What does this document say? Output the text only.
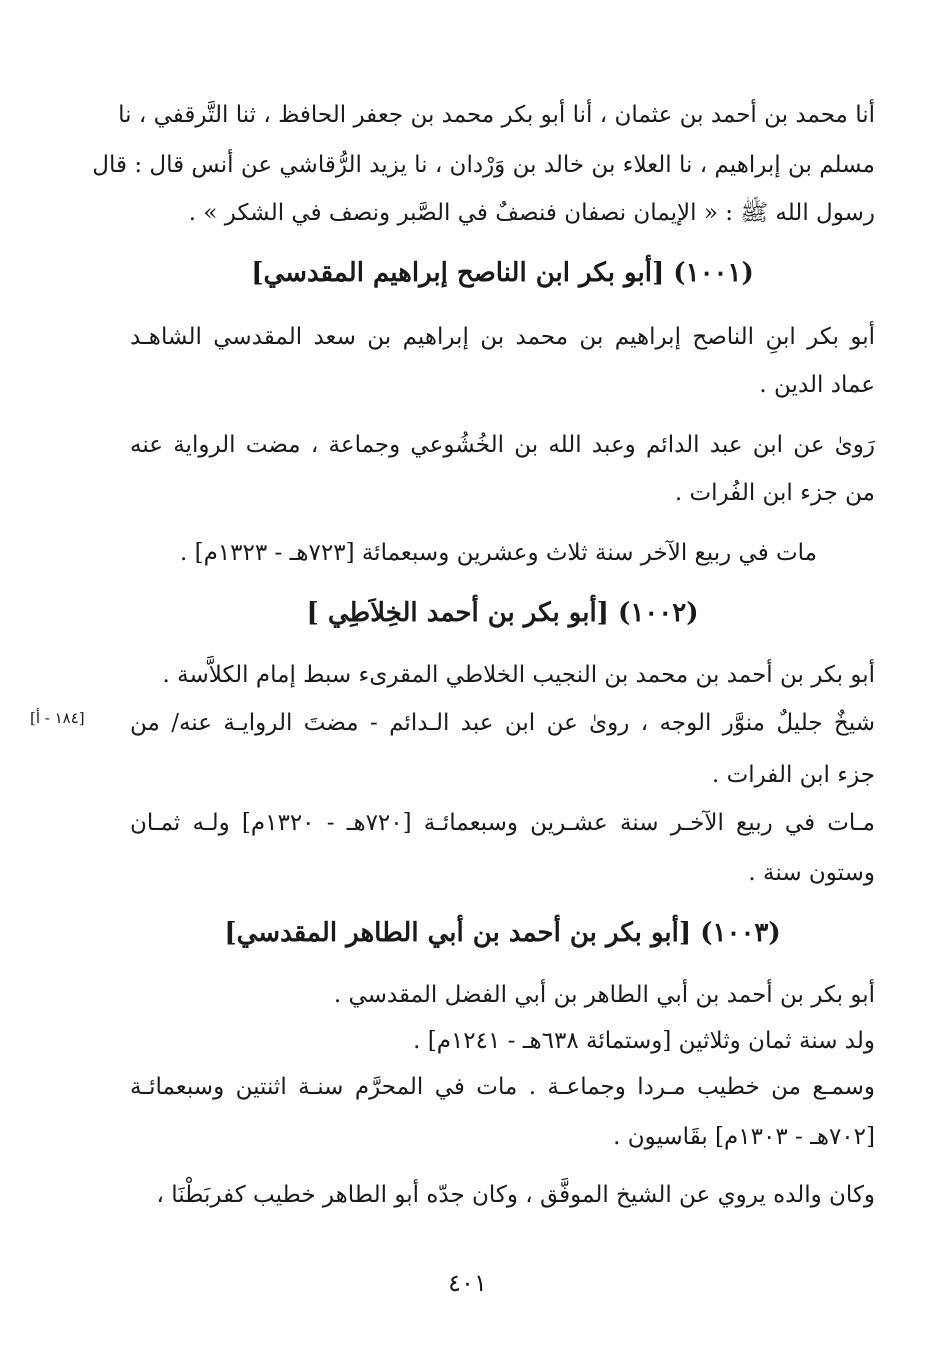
أنا محمد بن أحمد بن عثمان ، أنا أبو بكر محمد بن جعفر الحافظ ، ثنا التَّرقفي ، نا
مسلم بن إبراهيم ، نا العلاء بن خالد بن وَرْدان ، نا يزيد الرُّقاشي عن أنس قال : قال
رسول الله ﷺ : « الإيمان نصفان فنصفٌ في الصَّبر ونصف في الشكر » .
(١٠٠١) [أبو بكر ابن الناصح إبراهيم المقدسي]
أبو بكر ابنِ الناصح إبراهيم بن محمد بن إبراهيم بن سعد المقدسي الشاهـد
عماد الدين .
رَوىٰ عن ابن عبد الدائم وعبد الله بن الخُشُوعي وجماعة ، مضت الرواية عنه
من جزء ابن الفُرات .
مات في ربيع الآخر سنة ثلاث وعشرين وسبعمائة [٧٢٣هـ - ١٣٢٣م] .
(١٠٠٢) [أبو بكر بن أحمد الخِلاَطِي ]
أبو بكر بن أحمد بن محمد بن النجيب الخلاطي المقرىء سبط إمام الكلاَّسة .
شيخٌ جليلٌ منوَّر الوجه ، روىٰ عن ابن عبد الـدائم - مضتَ الروايـة عنه/ من
[١٨٤ - أ]
جزء ابن الفرات .
مـات في ربيع الآخـر سنة عشـرين وسبعمائـة [٧٢٠هـ - ١٣٢٠م] ولـه ثمـان
وستون سنة .
(١٠٠٣) [أبو بكر بن أحمد بن أبي الطاهر المقدسي]
أبو بكر بن أحمد بن أبي الطاهر بن أبي الفضل المقدسي .
ولد سنة ثمان وثلاثين [وستمائة ٦٣٨هـ - ١٢٤١م] .
وسمـع من خطيب مـردا وجماعـة . مات في المحرَّم سنـة اثنتين وسبعمائـة
[٧٠٢هـ - ١٣٠٣م] بقَاسيون .
وكان والده يروي عن الشيخ الموفَّق ، وكان جدّه أبو الطاهر خطيب كفربَطْنَا ،
٤٠١
